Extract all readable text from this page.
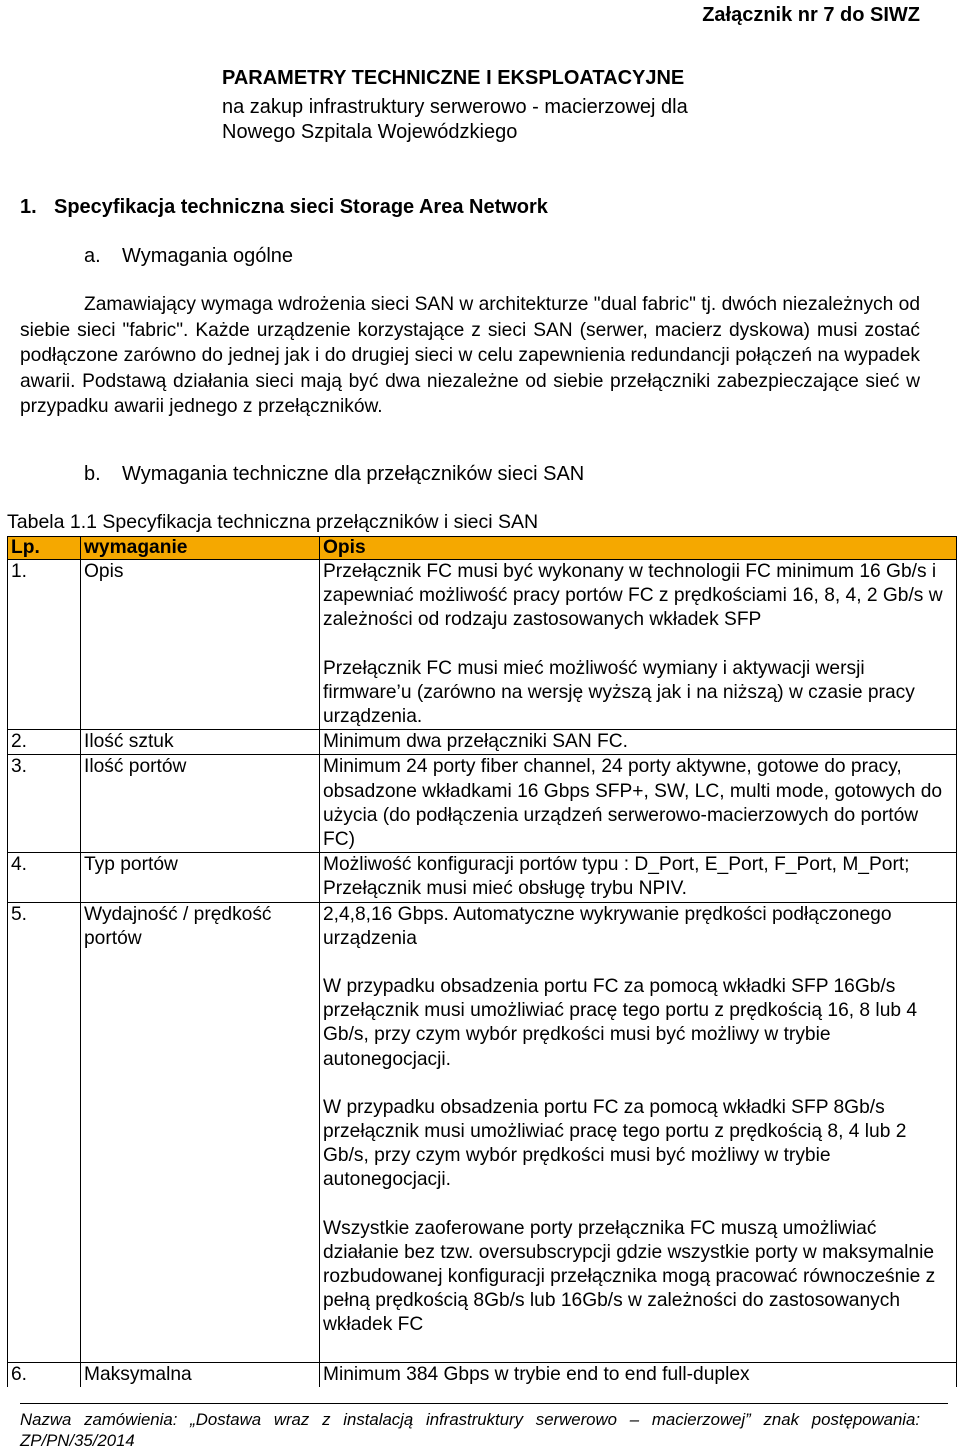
Załącznik nr 7 do SIWZ
PARAMETRY TECHNICZNE I EKSPLOATACYJNE
na zakup infrastruktury serwerowo - macierzowej dla
Nowego Szpitala Wojewódzkiego
1. Specyfikacja techniczna sieci Storage Area Network
a. Wymagania ogólne
Zamawiający wymaga wdrożenia sieci SAN w architekturze "dual fabric" tj. dwóch niezależnych od siebie sieci "fabric". Każde urządzenie korzystające z sieci SAN (serwer, macierz dyskowa) musi zostać podłączone zarówno do jednej jak i do drugiej sieci w celu zapewnienia redundancji połączeń na wypadek awarii. Podstawą działania sieci mają być dwa niezależne od siebie przełączniki zabezpieczające sieć w przypadku awarii jednego z przełączników.
b. Wymagania techniczne dla przełączników sieci SAN
Tabela 1.1 Specyfikacja techniczna przełączników i sieci SAN
Lp.	wymaganie	Opis
1.	Opis	Przełącznik FC musi być wykonany w technologii FC minimum 16 Gb/s i zapewniać możliwość pracy portów FC z prędkościami 16, 8, 4, 2 Gb/s w zależności od rodzaju zastosowanych wkładek SFP

Przełącznik FC musi mieć możliwość wymiany i aktywacji wersji firmware’u (zarówno na wersję wyższą jak i na niższą) w czasie pracy urządzenia.

2.	Ilość sztuk	Minimum dwa przełączniki SAN FC.

3.	Ilość portów	Minimum 24 porty fiber channel, 24 porty aktywne, gotowe do pracy, obsadzone wkładkami 16 Gbps SFP+, SW, LC, multi mode, gotowych do użycia (do podłączenia urządzeń serwerowo-macierzowych do portów FC)

4.	Typ portów	Możliwość konfiguracji portów typu : D_Port, E_Port, F_Port, M_Port; Przełącznik musi mieć obsługę trybu NPIV.

5.	Wydajność / prędkość portów	2,4,8,16 Gbps. Automatyczne wykrywanie prędkości podłączonego urządzenia

W przypadku obsadzenia portu FC za pomocą wkładki SFP 16Gb/s przełącznik musi umożliwiać pracę tego portu z prędkością 16, 8 lub 4 Gb/s, przy czym wybór prędkości musi być możliwy w trybie autonegocjacji.

W przypadku obsadzenia portu FC za pomocą wkładki SFP 8Gb/s przełącznik musi umożliwiać pracę tego portu z prędkością 8, 4 lub 2 Gb/s, przy czym wybór prędkości musi być możliwy w trybie autonegocjacji.

Wszystkie zaoferowane porty przełącznika FC muszą umożliwiać działanie bez tzw. oversubscrypcji gdzie wszystkie porty w maksymalnie rozbudowanej konfiguracji przełącznika mogą pracować równocześnie z pełną prędkością 8Gb/s lub 16Gb/s w zależności do zastosowanych wkładek FC

6.	Maksymalna	Minimum 384 Gbps w trybie end to end full-duplex

Nazwa zamówienia: „Dostawa wraz z instalacją infrastruktury serwerowo – macierzowej” znak postępowania: ZP/PN/35/2014
